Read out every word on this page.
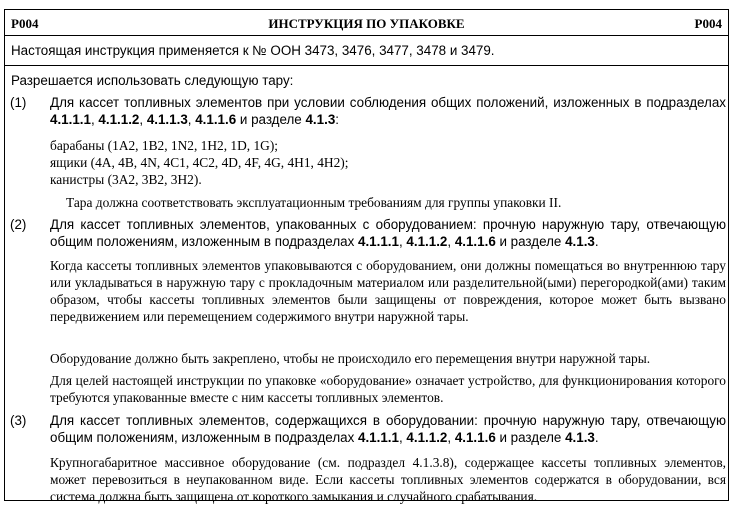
P004	ИНСТРУКЦИЯ ПО УПАКОВКЕ	P004
Настоящая инструкция применяется к № ООН 3473, 3476, 3477, 3478 и 3479.
Разрешается использовать следующую тару:
(1) Для кассет топливных элементов при условии соблюдения общих положений, изложенных в подразделах 4.1.1.1, 4.1.1.2, 4.1.1.3, 4.1.1.6 и разделе 4.1.3:

барабаны (1A2, 1B2, 1N2, 1H2, 1D, 1G);
ящики (4A, 4B, 4N, 4C1, 4C2, 4D, 4F, 4G, 4H1, 4H2);
канистры (3A2, 3B2, 3H2).

Тара должна соответствовать эксплуатационным требованиям для группы упаковки II.

(2) Для кассет топливных элементов, упакованных с оборудованием: прочную наружную тару, отвечающую общим положениям, изложенным в подразделах 4.1.1.1, 4.1.1.2, 4.1.1.6 и разделе 4.1.3.

Когда кассеты топливных элементов упаковываются с оборудованием, они должны помещаться во внутреннюю тару или укладываться в наружную тару с прокладочным материалом или разделительной(ыми) перегородкой(ами) таким образом, чтобы кассеты топливных элементов были защищены от повреждения, которое может быть вызвано передвижением или перемещением содержимого внутри наружной тары.

Оборудование должно быть закреплено, чтобы не происходило его перемещения внутри наружной тары.

Для целей настоящей инструкции по упаковке «оборудование» означает устройство, для функционирования которого требуются упакованные вместе с ним кассеты топливных элементов.

(3) Для кассет топливных элементов, содержащихся в оборудовании: прочную наружную тару, отвечающую общим положениям, изложенным в подразделах 4.1.1.1, 4.1.1.2, 4.1.1.6 и разделе 4.1.3.

Крупногабаритное массивное оборудование (см. подраздел 4.1.3.8), содержащее кассеты топливных элементов, может перевозиться в неупакованном виде. Если кассеты топливных элементов содержатся в оборудовании, вся система должна быть защищена от короткого замыкания и случайного срабатывания.
